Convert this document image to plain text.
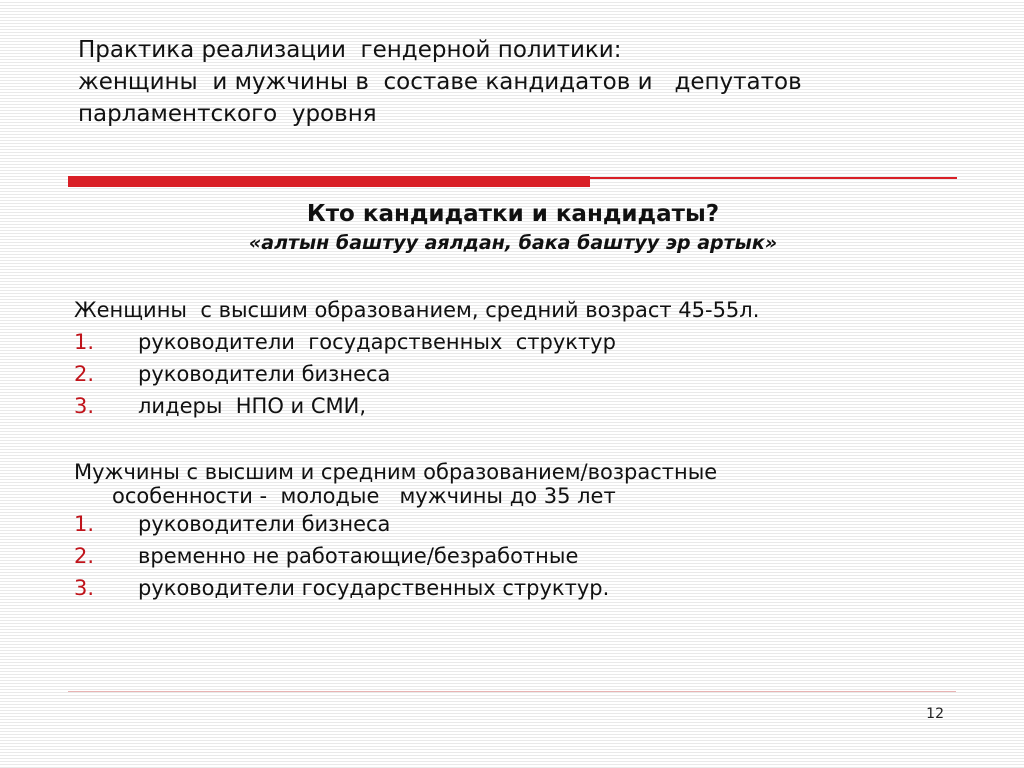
Практика реализации  гендерной политики:
женщины  и мужчины в  составе кандидатов и   депутатов
парламентского  уровня
Кто кандидатки и кандидаты?
«алтын баштуу аялдан, бака баштуу эр артык»
Женщины  с высшим образованием, средний возраст 45-55л.

1.

руководители  государственных  структур

2.

руководители бизнеса

3.

лидеры  НПО и СМИ,

Мужчины с высшим и средним образованием/возрастные
особенности -  молодые   мужчины до 35 лет

1.

руководители бизнеса

2.

временно не работающие/безработные

3.

руководители государственных структур.

12
